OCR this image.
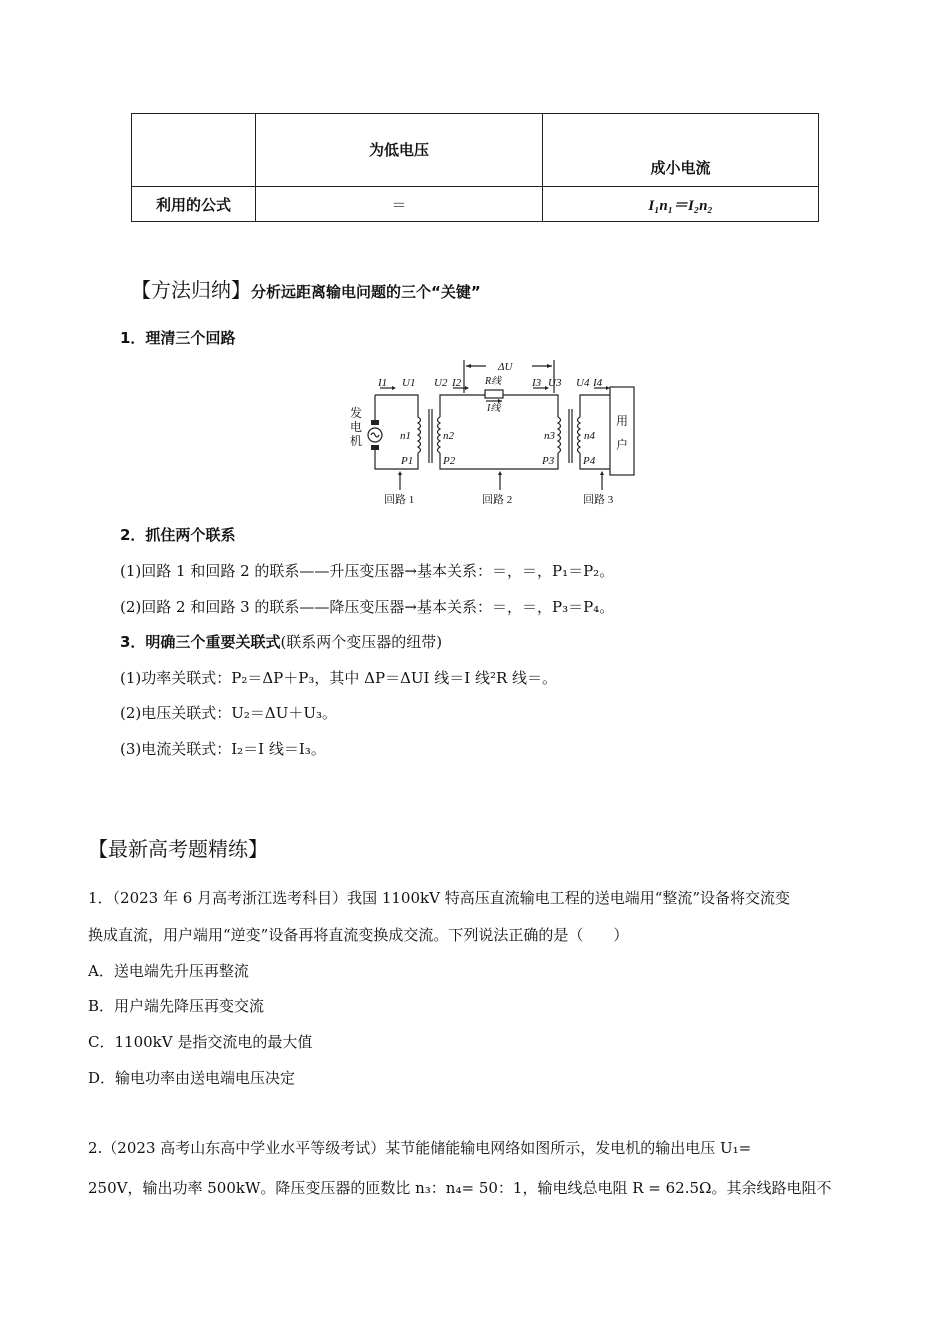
	为低电压	成小电流
利用的公式	＝	I₁n₁＝I₂n₂
【方法归纳】分析远距离输电问题的三个“关键”
1．理清三个回路
发 电 机
用 户
I1 U1 U2 I2	I3 U3 U4 I4
n1	n2	n3	n4
P1	P2	P3	P4
ΔU
R线
I线
回路 1	回路 2	回路 3
2．抓住两个联系
(1)回路 1 和回路 2 的联系——升压变压器→基本关系：＝，＝，P₁＝P₂。
(2)回路 2 和回路 3 的联系——降压变压器→基本关系：＝，＝，P₃＝P₄。
3．明确三个重要关联式(联系两个变压器的纽带)
(1)功率关联式：P₂＝ΔP＋P₃，其中 ΔP＝ΔUI 线＝I 线²R 线＝。
(2)电压关联式：U₂＝ΔU＋U₃。
(3)电流关联式：I₂＝I 线＝I₃。
【最新高考题精练】
1．（2023 年 6 月高考浙江选考科目）我国 1100kV 特高压直流输电工程的送电端用“整流”设备将交流变
换成直流，用户端用“逆变”设备再将直流变换成交流。下列说法正确的是（　　）
A．送电端先升压再整流
B．用户端先降压再变交流
C．1100kV 是指交流电的最大值
D．输电功率由送电端电压决定
2.（2023 高考山东高中学业水平等级考试）某节能储能输电网络如图所示，发电机的输出电压 U₁=
250V，输出功率 500kW。降压变压器的匝数比 n₃：n₄= 50：1，输电线总电阻 R = 62.5Ω。其余线路电阻不
